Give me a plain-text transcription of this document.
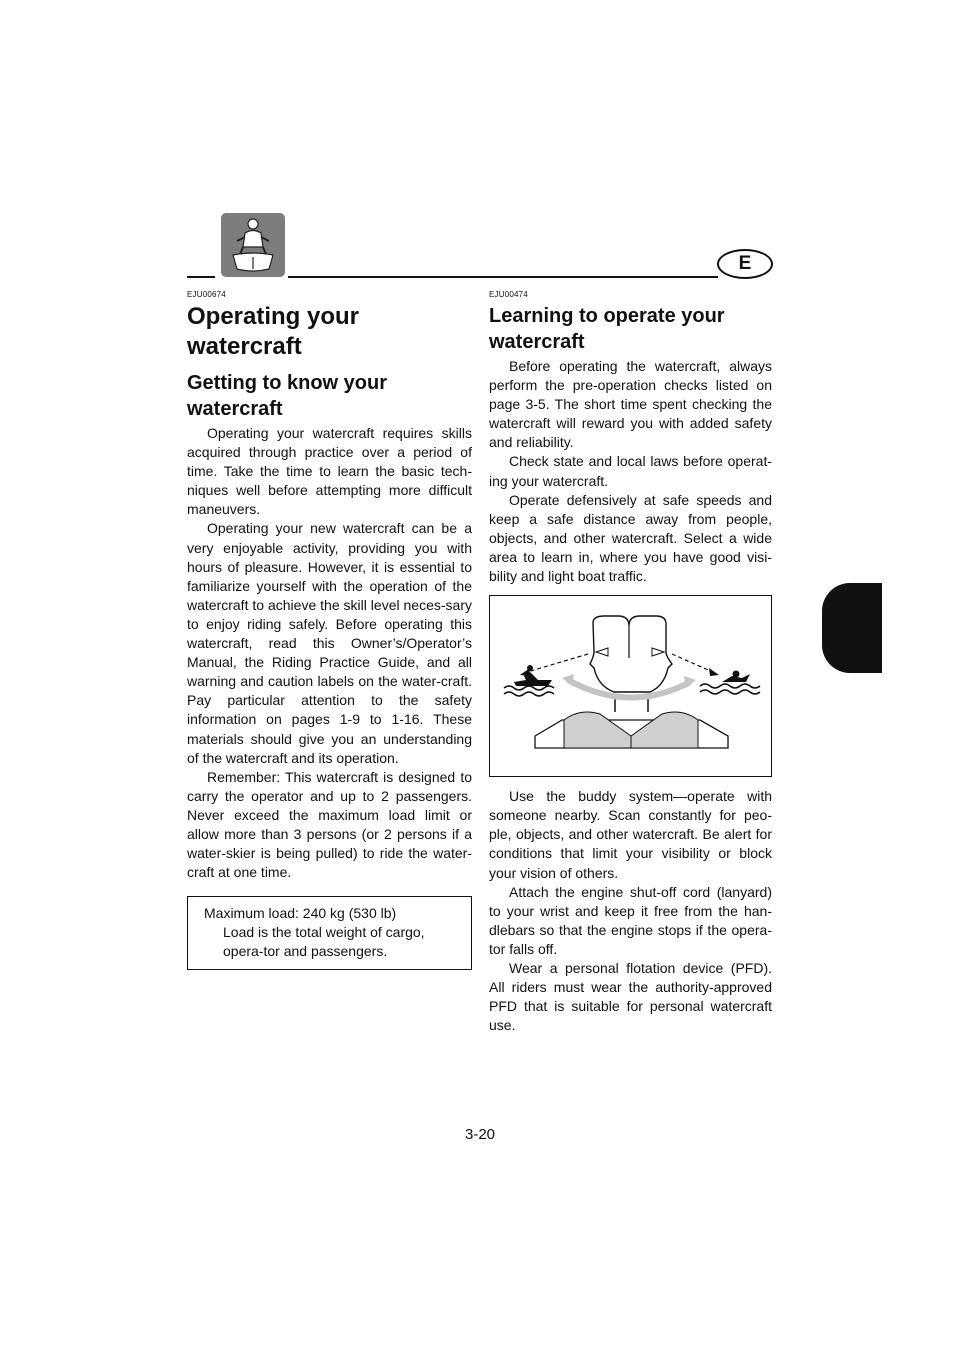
E
EJU00674
Operating your watercraft
Getting to know your watercraft

Operating your watercraft requires skills acquired through practice over a period of time. Take the time to learn the basic tech-niques well before attempting more difficult maneuvers.

Operating your new watercraft can be a very enjoyable activity, providing you with hours of pleasure. However, it is essential to familiarize yourself with the operation of the watercraft to achieve the skill level neces-sary to enjoy riding safely. Before operating this watercraft, read this Owner’s/Operator’s Manual, the Riding Practice Guide, and all warning and caution labels on the water-craft. Pay particular attention to the safety information on pages 1-9 to 1-16. These materials should give you an understanding of the watercraft and its operation.

Remember: This watercraft is designed to carry the operator and up to 2 passengers. Never exceed the maximum load limit or allow more than 3 persons (or 2 persons if a water-skier is being pulled) to ride the water-craft at one time.

Maximum load: 240 kg (530 lb)
Load is the total weight of cargo, opera-tor and passengers.
EJU00474
Learning to operate your watercraft

Before operating the watercraft, always perform the pre-operation checks listed on page 3-5. The short time spent checking the watercraft will reward you with added safety and reliability.

Check state and local laws before operat-ing your watercraft.

Operate defensively at safe speeds and keep a safe distance away from people, objects, and other watercraft. Select a wide area to learn in, where you have good visi-bility and light boat traffic.

Use the buddy system—operate with someone nearby. Scan constantly for peo-ple, objects, and other watercraft. Be alert for conditions that limit your visibility or block your vision of others.

Attach the engine shut-off cord (lanyard) to your wrist and keep it free from the han-dlebars so that the engine stops if the opera-tor falls off.

Wear a personal flotation device (PFD). All riders must wear the authority-approved PFD that is suitable for personal watercraft use.

3-20
